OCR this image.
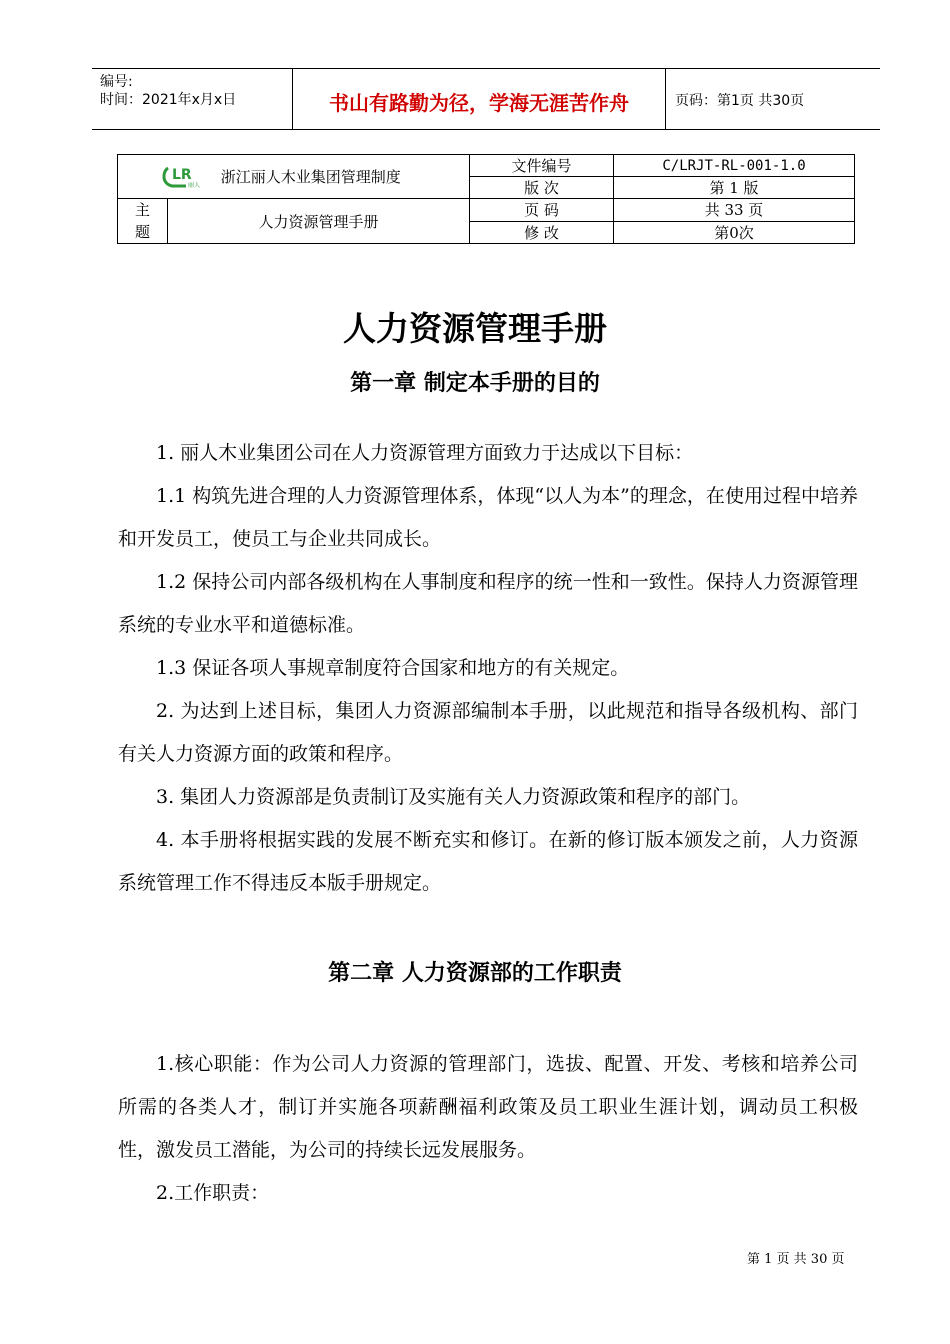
编号:
时间：2021年x月x日	书山有路勤为径，学海无涯苦作舟	页码：第1页 共30页
LR
丽人 浙江丽人木业集团管理制度		文件编号	C/LRJT-RL-001-1.0
		版 次	第 1 版

主
题	人力资源管理手册	页 码	共 33 页
		修 改	第0次
人力资源管理手册
第一章 制定本手册的目的

1. 丽人木业集团公司在人力资源管理方面致力于达成以下目标：

1.1 构筑先进合理的人力资源管理体系，体现“以人为本”的理念，在使用过程中培养和开发员工，使员工与企业共同成长。

1.2 保持公司内部各级机构在人事制度和程序的统一性和一致性。保持人力资源管理系统的专业水平和道德标准。

1.3 保证各项人事规章制度符合国家和地方的有关规定。

2. 为达到上述目标，集团人力资源部编制本手册，以此规范和指导各级机构、部门有关人力资源方面的政策和程序。

3. 集团人力资源部是负责制订及实施有关人力资源政策和程序的部门。

4. 本手册将根据实践的发展不断充实和修订。在新的修订版本颁发之前，人力资源系统管理工作不得违反本版手册规定。

第二章 人力资源部的工作职责

1.核心职能：作为公司人力资源的管理部门，选拔、配置、开发、考核和培养公司所需的各类人才，制订并实施各项薪酬福利政策及员工职业生涯计划，调动员工积极性，激发员工潜能，为公司的持续长远发展服务。

2.工作职责：

第 1 页 共 30 页
